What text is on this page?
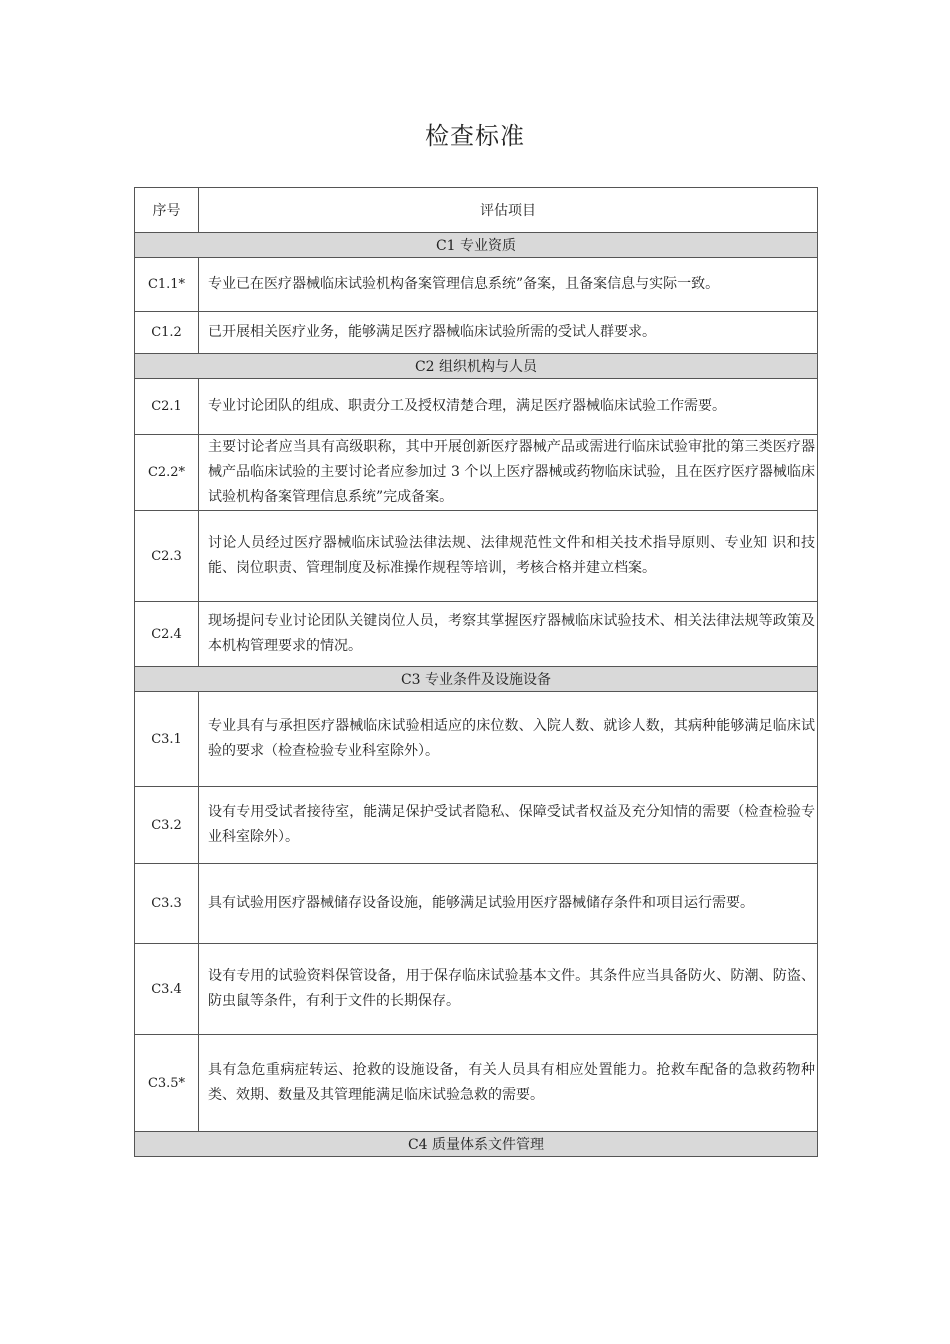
检查标准
序号	评估项目
C1 专业资质	
C1.1*	专业已在医疗器械临床试验机构备案管理信息系统”备案，且备案信息与实际一致。
C1.2	已开展相关医疗业务，能够满足医疗器械临床试验所需的受试人群要求。
C2 组织机构与人员	
C2.1	专业讨论团队的组成、职责分工及授权清楚合理，满足医疗器械临床试验工作需要。
C2.2*	主要讨论者应当具有高级职称，其中开展创新医疗器械产品或需进行临床试验审批的第三类医疗器械产品临床试验的主要讨论者应参加过 3 个以上医疗器械或药物临床试验，且在医疗医疗器械临床试验机构备案管理信息系统”完成备案。
C2.3	讨论人员经过医疗器械临床试验法律法规、法律规范性文件和相关技术指导原则、专业知 识和技能、岗位职责、管理制度及标准操作规程等培训，考核合格并建立档案。
C2.4	现场提问专业讨论团队关键岗位人员，考察其掌握医疗器械临床试验技术、相关法律法规等政策及本机构管理要求的情况。
C3 专业条件及设施设备	
C3.1	专业具有与承担医疗器械临床试验相适应的床位数、入院人数、就诊人数，其病种能够满足临床试验的要求（检查检验专业科室除外）。
C3.2	设有专用受试者接待室，能满足保护受试者隐私、保障受试者权益及充分知情的需要（检查检验专业科室除外）。
C3.3	具有试验用医疗器械储存设备设施，能够满足试验用医疗器械储存条件和项目运行需要。
C3.4	设有专用的试验资料保管设备，用于保存临床试验基本文件。其条件应当具备防火、防潮、防盗、防虫鼠等条件，有利于文件的长期保存。
C3.5*	具有急危重病症转运、抢救的设施设备，有关人员具有相应处置能力。抢救车配备的急救药物种类、效期、数量及其管理能满足临床试验急救的需要。
C4 质量体系文件管理	
